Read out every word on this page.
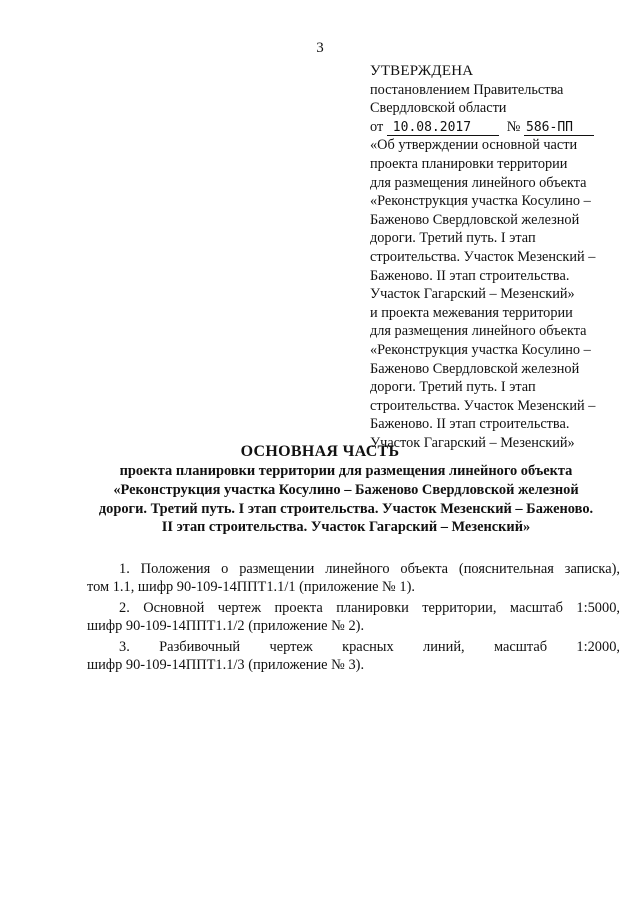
3
УТВЕРЖДЕНА
постановлением Правительства
Свердловской области
от 10.08.2017 № 586-ПП
«Об утверждении основной части
проекта планировки территории
для размещения линейного объекта
«Реконструкция участка Косулино –
Баженово Свердловской железной
дороги. Третий путь. I этап
строительства. Участок Мезенский –
Баженово. II этап строительства.
Участок Гагарский – Мезенский»
и проекта межевания территории
для размещения линейного объекта
«Реконструкция участка Косулино –
Баженово Свердловской железной
дороги. Третий путь. I этап
строительства. Участок Мезенский –
Баженово. II этап строительства.
Участок Гагарский – Мезенский»
ОСНОВНАЯ ЧАСТЬ
проекта планировки территории для размещения линейного объекта
«Реконструкция участка Косулино – Баженово Свердловской железной
дороги. Третий путь. I этап строительства. Участок Мезенский – Баженово.
II этап строительства. Участок Гагарский – Мезенский»
1. Положения о размещении линейного объекта (пояснительная записка),
том 1.1, шифр 90-109-14ППТ1.1/1 (приложение № 1).
2. Основной чертеж проекта планировки территории, масштаб 1:5000,
шифр 90-109-14ППТ1.1/2 (приложение № 2).
3. Разбивочный чертеж красных линий, масштаб 1:2000,
шифр 90-109-14ППТ1.1/3 (приложение № 3).
